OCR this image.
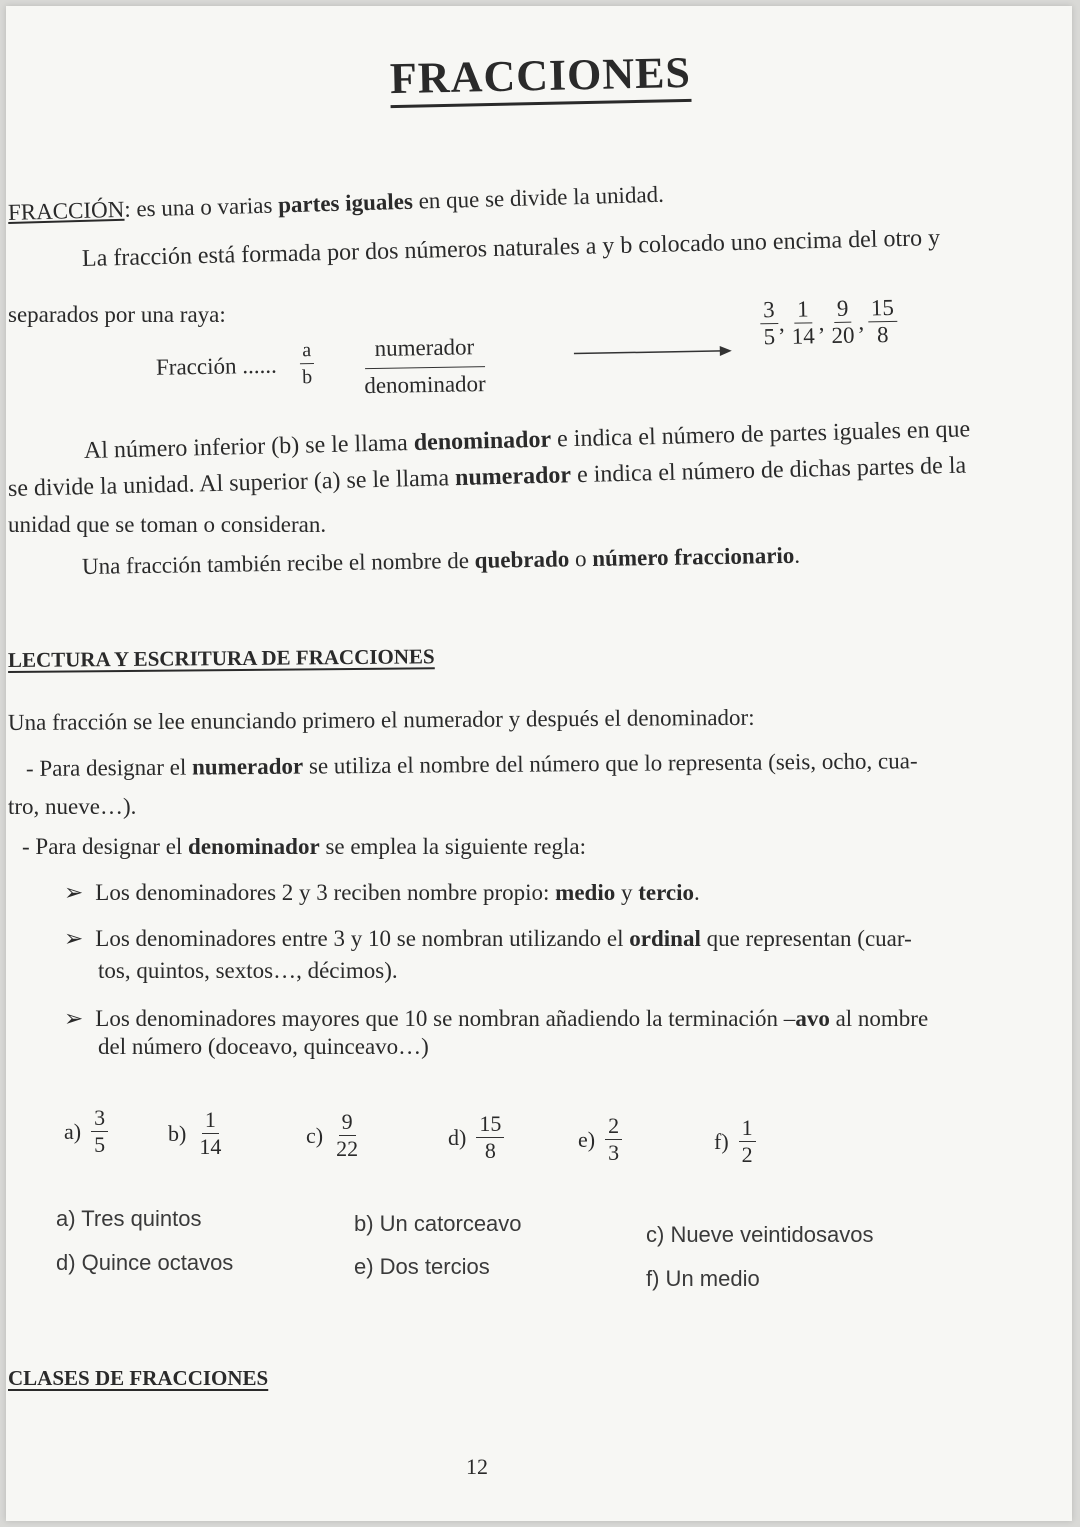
FRACCIONES
FRACCIÓN: es una o varias partes iguales en que se divide la unidad.
La fracción está formada por dos números naturales a y b colocado uno encima del otro y
separados por una raya:
Fracción ...... $\frac{a}{b}$	numerador
denominador
$\frac{3}{5}$ , $\frac{1}{14}$ , $\frac{9}{20}$ , $\frac{15}{8}$
Al número inferior (b) se le llama denominador e indica el número de partes iguales en que
se divide la unidad. Al superior (a) se le llama numerador e indica el número de dichas partes de la
unidad que se toman o consideran.
Una fracción también recibe el nombre de quebrado o número fraccionario.
LECTURA Y ESCRITURA DE FRACCIONES
Una fracción se lee enunciando primero el numerador y después el denominador:
- Para designar el numerador se utiliza el nombre del número que lo representa (seis, ocho, cua-
tro, nueve…).
- Para designar el denominador se emplea la siguiente regla:
➢ Los denominadores 2 y 3 reciben nombre propio: medio y tercio.
➢ Los denominadores entre 3 y 10 se nombran utilizando el ordinal que representan (cuar-
tos, quintos, sextos…, décimos).
➢ Los denominadores mayores que 10 se nombran añadiendo la terminación –avo al nombre
del número (doceavo, quinceavo…)
$a) \frac{3}{5}$	$b) \frac{1}{14}$	$c) \frac{9}{22}$	$d) \frac{15}{8}$	$e) \frac{2}{3}$	$f) \frac{1}{2}$
a) Tres quintos	b) Un catorceavo	c) Nueve veintidosavos
d) Quince octavos	e) Dos tercios	f) Un medio
CLASES DE FRACCIONES
12
